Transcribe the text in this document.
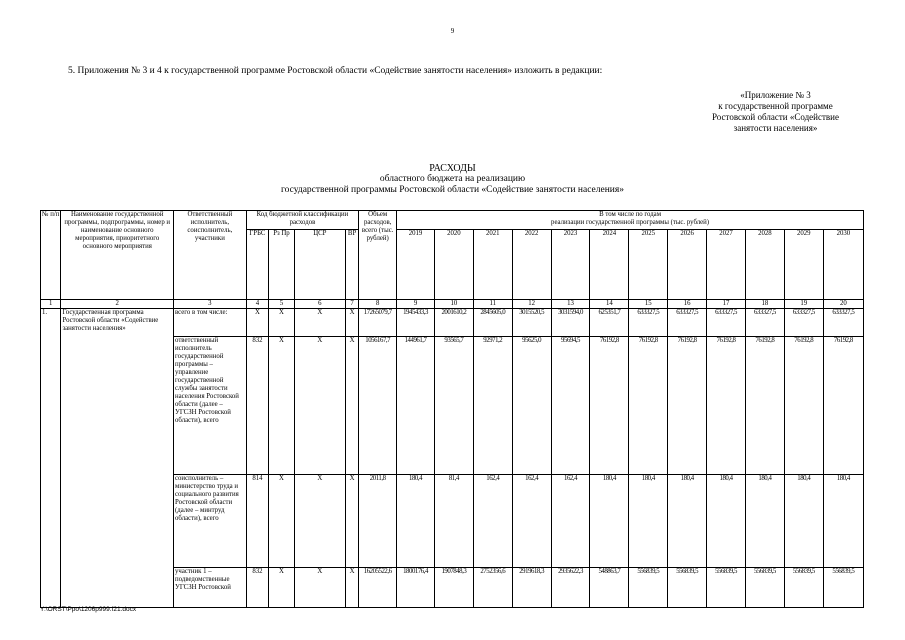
9
5. Приложения № 3 и 4 к государственной программе Ростовской области «Содействие занятости населения» изложить в редакции:
«Приложение № 3
к государственной программе
Ростовской области «Содействие
занятости населения»
РАСХОДЫ
областного бюджета на реализацию
государственной программы Ростовской области «Содействие занятости населения»
№ п/п	Наименование государственной программы, подпрограммы, номер и наименование основного мероприятия, приоритетного основного мероприятия	Ответственный исполнитель, соисполнитель, участники	Код бюджетной классификации расходов				Объем расходов, всего (тыс. рублей)	В том числе по годам
реализации государственной программы (тыс. рублей)											

			ГРБС	Рз Пр	ЦСР	ВР		2019	2020	2021	2022	2023	2024	2025	2026	2027	2028	2029	2030
1	2	3	4	5	6	7	8	9	10	11	12	13	14	15	16	17	18	19	20
1.	Государственная программа Ростовской области «Содействие занятости населения»	всего в том числе:	X	X	X	X	17265079,7	1945433,3	2001610,2	2845605,0	3015520,5	3031594,0	625351,7	633327,5	633327,5	633327,5	633327,5	633327,5	633327,5
		ответственный исполнитель государственной программы – управление государственной службы занятости населения Ростовской области (далее – УГСЗН Ростовской области), всего	832	X	X	X	1056167,7	144961,7	93565,7	92971,2	95625,0	95694,5	76192,8	76192,8	76192,8	76192,8	76192,8	76192,8	76192,8
		соисполнитель – министерство труда и социального развития Ростовской области (далее – минтруд области), всего	814	X	X	X	2011,8	180,4	81,4	162,4	162,4	162,4	180,4	180,4	180,4	180,4	180,4	180,4	180,4
		участник 1 – подведомственные УГСЗН Ростовской	832	X	X	X	16205522,6	1800176,4	1907848,3	2752356,6	2919618,3	2935622,3	548863,7	556839,5	556839,5	556839,5	556839,5	556839,5	556839,5
Y:\ORST\Ppo\1206p999.f21.docx
